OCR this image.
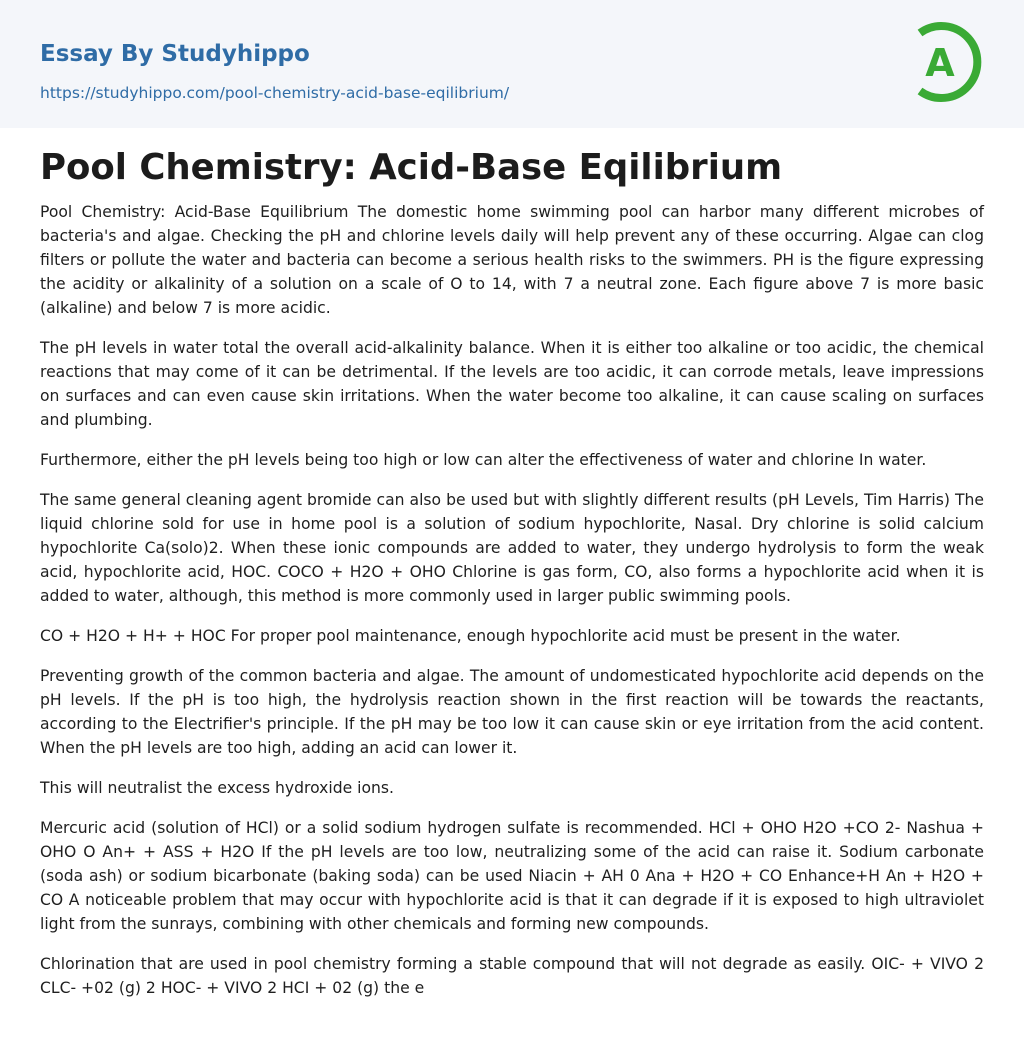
Essay By Studyhippo
https://studyhippo.com/pool-chemistry-acid-base-eqilibrium/
A
Pool Chemistry: Acid-Base Eqilibrium

Pool Chemistry: Acid-Base Equilibrium The domestic home swimming pool can harbor many different microbes of bacteria's and algae. Checking the pH and chlorine levels daily will help prevent any of these occurring. Algae can clog filters or pollute the water and bacteria can become a serious health risks to the swimmers. PH is the figure expressing the acidity or alkalinity of a solution on a scale of O to 14, with 7 a neutral zone. Each figure above 7 is more basic (alkaline) and below 7 is more acidic.

The pH levels in water total the overall acid-alkalinity balance. When it is either too alkaline or too acidic, the chemical reactions that may come of it can be detrimental. If the levels are too acidic, it can corrode metals, leave impressions on surfaces and can even cause skin irritations. When the water become too alkaline, it can cause scaling on surfaces and plumbing.

Furthermore, either the pH levels being too high or low can alter the effectiveness of water and chlorine In water.

The same general cleaning agent bromide can also be used but with slightly different results (pH Levels, Tim Harris) The liquid chlorine sold for use in home pool is a solution of sodium hypochlorite, Nasal. Dry chlorine is solid calcium hypochlorite Ca(solo)2. When these ionic compounds are added to water, they undergo hydrolysis to form the weak acid, hypochlorite acid, HOC. COCO + H2O + OHO Chlorine is gas form, CO, also forms a hypochlorite acid when it is added to water, although, this method is more commonly used in larger public swimming pools.

CO + H2O + H+ + HOC For proper pool maintenance, enough hypochlorite acid must be present in the water.

Preventing growth of the common bacteria and algae. The amount of undomesticated hypochlorite acid depends on the pH levels. If the pH is too high, the hydrolysis reaction shown in the first reaction will be towards the reactants, according to the Electrifier's principle. If the pH may be too low it can cause skin or eye irritation from the acid content. When the pH levels are too high, adding an acid can lower it.

This will neutralist the excess hydroxide ions.

Mercuric acid (solution of HCl) or a solid sodium hydrogen sulfate is recommended. HCl + OHO H2O +CO 2- Nashua + OHO O An+ + ASS + H2O If the pH levels are too low, neutralizing some of the acid can raise it. Sodium carbonate (soda ash) or sodium bicarbonate (baking soda) can be used Niacin + AH 0 Ana + H2O + CO Enhance+H An + H2O + CO A noticeable problem that may occur with hypochlorite acid is that it can degrade if it is exposed to high ultraviolet light from the sunrays, combining with other chemicals and forming new compounds.

Chlorination that are used in pool chemistry forming a stable compound that will not degrade as easily. OIC- + VIVO 2 CLC- +02 (g) 2 HOC- + VIVO 2 HCI + 02 (g) the e
